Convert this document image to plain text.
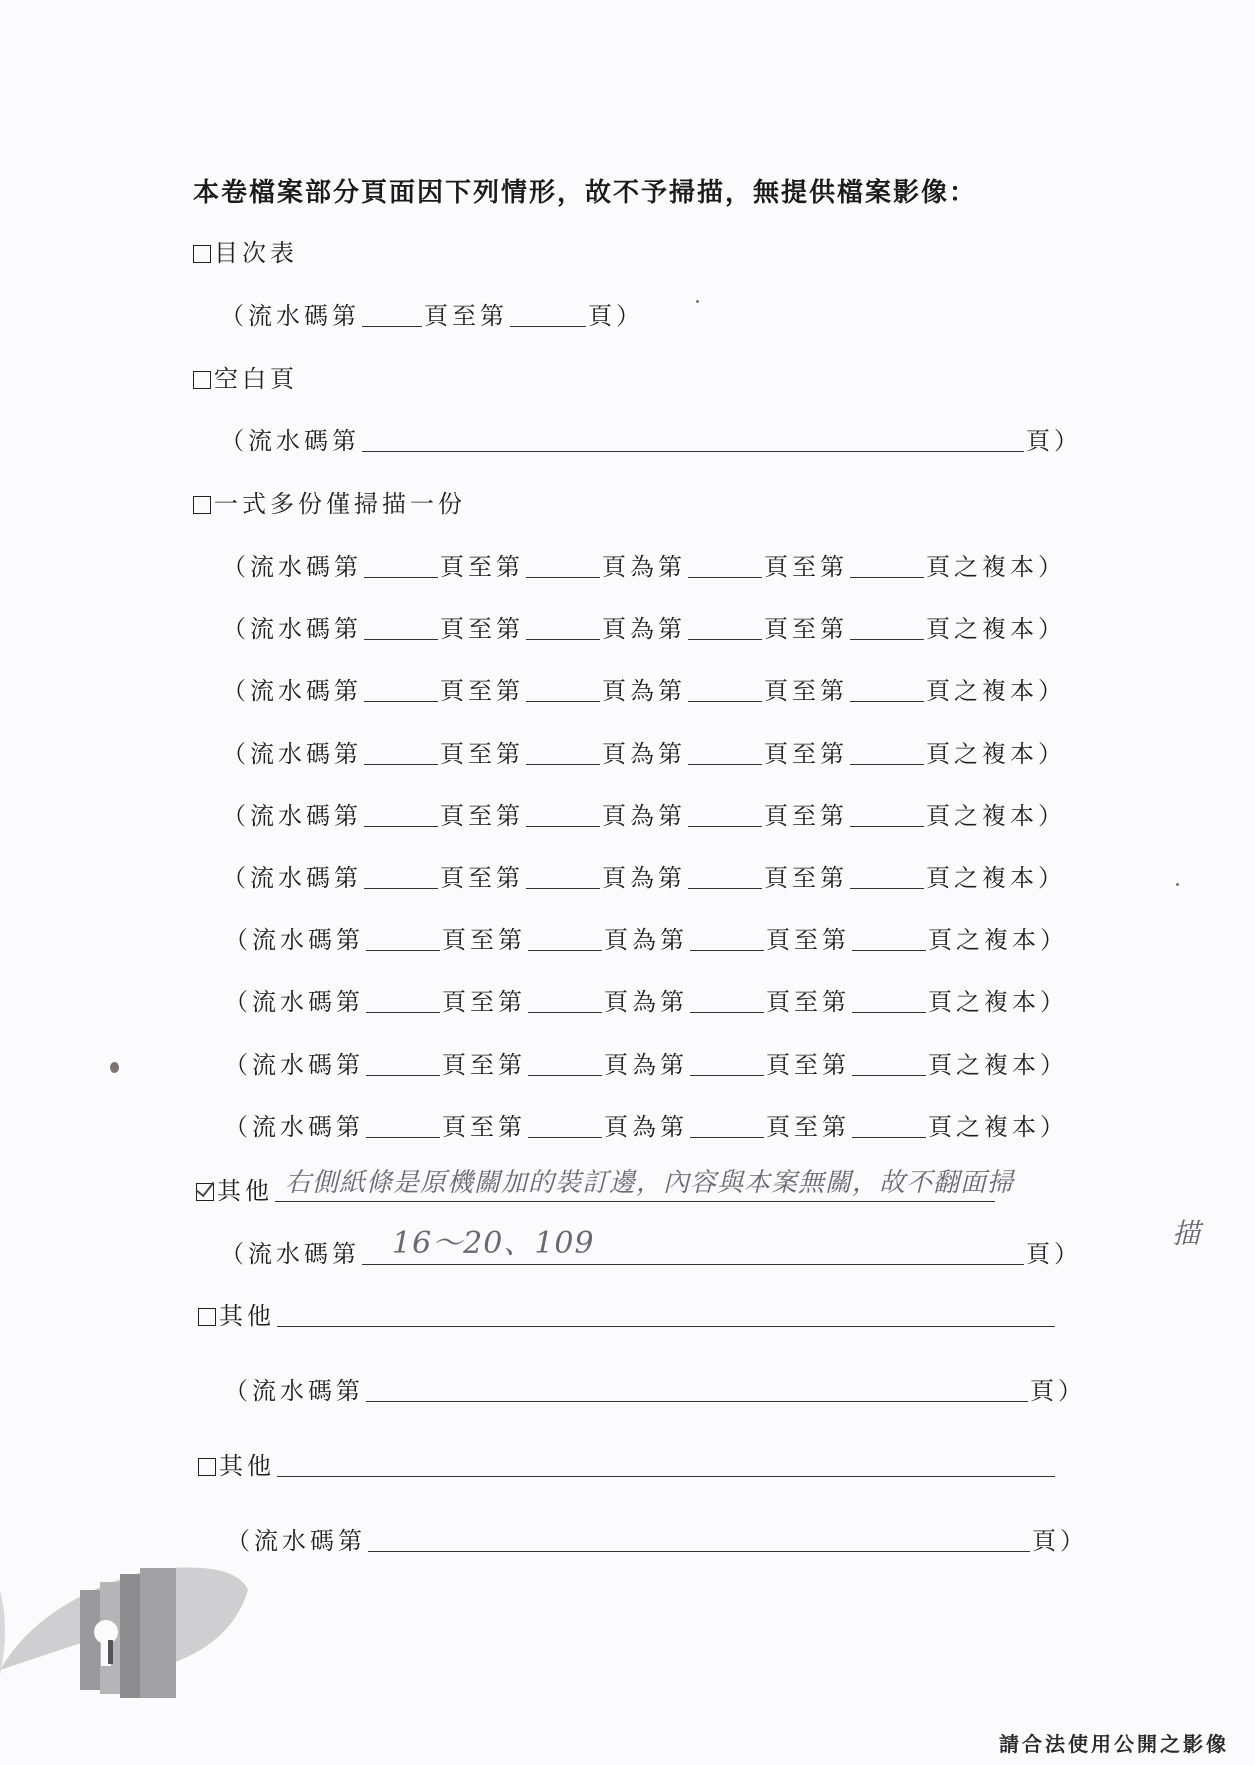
本卷檔案部分頁面因下列情形，故不予掃描，無提供檔案影像：
目次表
（流水碼第	頁至第	頁）
空白頁
（流水碼第	頁）
一式多份僅掃描一份
（流水碼第	頁至第	頁為第	頁至第	頁之複本）
（流水碼第	頁至第	頁為第	頁至第	頁之複本）
（流水碼第	頁至第	頁為第	頁至第	頁之複本）
（流水碼第	頁至第	頁為第	頁至第	頁之複本）
（流水碼第	頁至第	頁為第	頁至第	頁之複本）
（流水碼第	頁至第	頁為第	頁至第	頁之複本）
（流水碼第	頁至第	頁為第	頁至第	頁之複本）
（流水碼第	頁至第	頁為第	頁至第	頁之複本）
（流水碼第	頁至第	頁為第	頁至第	頁之複本）
（流水碼第	頁至第	頁為第	頁至第	頁之複本）
其他 右側紙條是原機關加的裝訂邊，內容與本案無關，故不翻面掃
描
（流水碼第 16～20、109	頁）
其他
（流水碼第	頁）
其他
（流水碼第	頁）
請合法使用公開之影像
